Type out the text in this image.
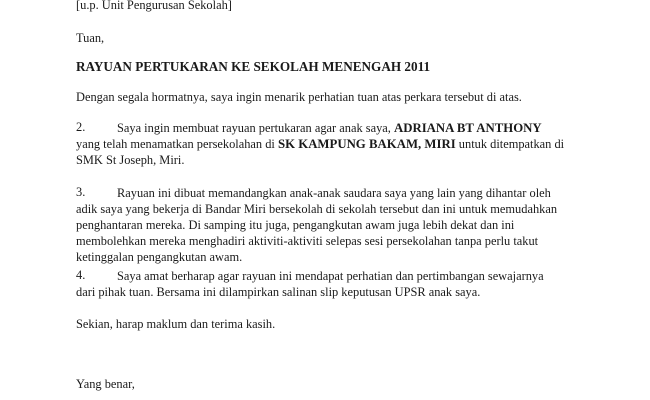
[u.p. Unit Pengurusan Sekolah]
Tuan,
RAYUAN PERTUKARAN KE SEKOLAH MENENGAH 2011
Dengan segala hormatnya, saya ingin menarik perhatian tuan atas perkara tersebut di atas.
2.	Saya ingin membuat rayuan pertukaran agar anak saya, ADRIANA BT ANTHONY
yang telah menamatkan persekolahan di SK KAMPUNG BAKAM, MIRI untuk ditempatkan di
SMK St Joseph, Miri.
3.	Rayuan ini dibuat memandangkan anak-anak saudara saya yang lain yang dihantar oleh
adik saya yang bekerja di Bandar Miri bersekolah di sekolah tersebut dan ini untuk memudahkan
penghantaran mereka. Di samping itu juga, pengangkutan awam juga lebih dekat dan ini
membolehkan mereka menghadiri aktiviti-aktiviti selepas sesi persekolahan tanpa perlu takut
ketinggalan pengangkutan awam.
4.	Saya amat berharap agar rayuan ini mendapat perhatian dan pertimbangan sewajarnya
dari pihak tuan. Bersama ini dilampirkan salinan slip keputusan UPSR anak saya.
Sekian, harap maklum dan terima kasih.
Yang benar,
